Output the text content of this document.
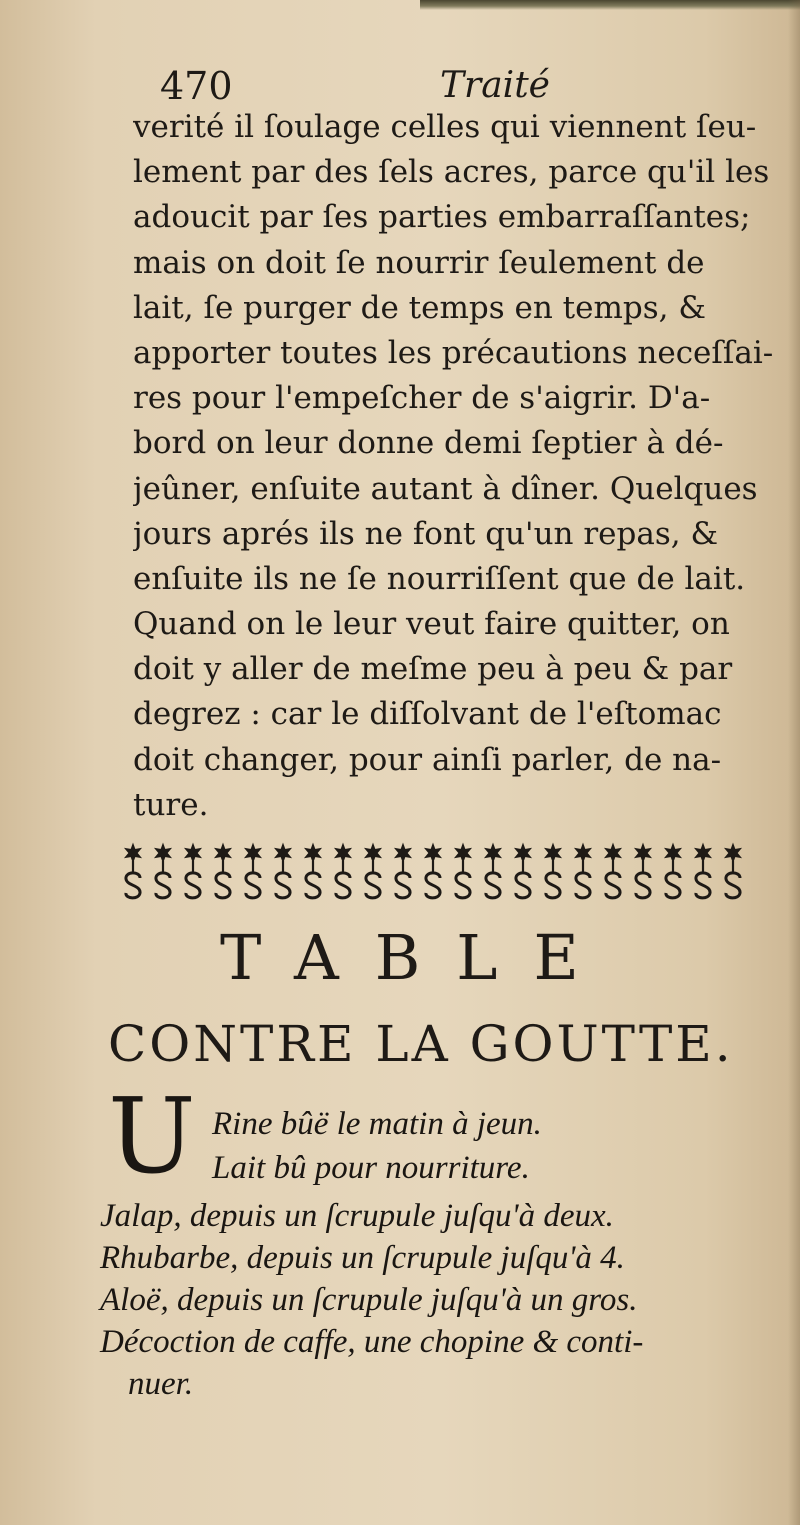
470	Traité
verité il ſoulage celles qui viennent ſeu-
lement par des ſels acres, parce qu'il les
adoucit par ſes parties embarraſſantes;
mais on doit ſe nourrir ſeulement de
lait, ſe purger de temps en temps, &
apporter toutes les précautions neceſſai-
res pour l'empeſcher de s'aigrir. D'a-
bord on leur donne demi ſeptier à dé-
jeûner, enſuite autant à dîner. Quelques
jours aprés ils ne font qu'un repas, &
enſuite ils ne ſe nourriſſent que de lait.
Quand on le leur veut faire quitter, on
doit y aller de meſme peu à peu & par
degrez : car le diſſolvant de l'eſtomac
doit changer, pour ainſi parler, de na-
ture.
TABLE
CONTRE LA GOUTTE.
U Rine bûë le matin à jeun.
Lait bû pour nourriture.
Jalap, depuis un ſcrupule juſqu'à deux.
Rhubarbe, depuis un ſcrupule juſqu'à 4.
Aloë, depuis un ſcrupule juſqu'à un gros.
Décoction de caffe, une chopine & conti-
nuer.
